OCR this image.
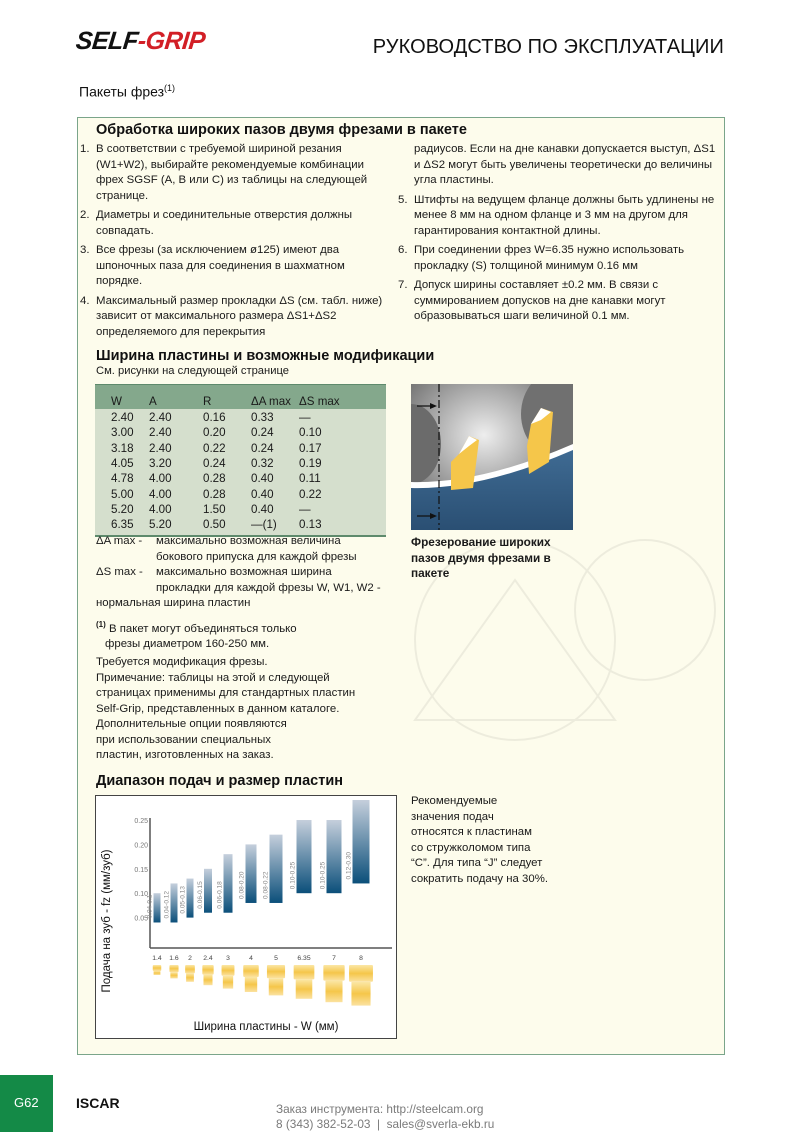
SELF-GRIP	РУКОВОДСТВО ПО ЭКСПЛУАТАЦИИ
Пакеты фрез$^{(1)}$
Обработка широких пазов двумя фрезами в пакете
1. В соответствии с требуемой шириной резания (W1+W2), выбирайте рекомендуемые комбинации фрех SGSF (A, B или C) из таблицы на следующей странице.
2. Диаметры и соединительные отверстия должны совпадать.
3. Все фрезы (за исключением ø125) имеют два шпоночных паза для соединения в шахматном порядке.
4. Максимальный размер прокладки ΔS (см. табл. ниже) зависит от максимального размера ΔS1+ΔS2 определяемого для перекрытия
радиусов. Если на дне канавки допускается выступ, ΔS1 и ΔS2 могут быть увеличены теоретически до величины угла пластины.
5. Штифты на ведущем фланце должны быть удлинены не менее 8 мм на одном фланце и 3 мм на другом для гарантирования контактной длины.
6. При соединении фрез W=6.35 нужно использовать прокладку (S) толщиной минимум 0.16 мм
7. Допуск ширины составляет ±0.2 мм. В связи с суммированием допусков на дне канавки могут образовываться шаги величиной 0.1 мм.
Ширина пластины и возможные модификации
См. рисунки на следующей странице
W	A	R	ΔA max ΔS max
2.40	2.40	0.16	0.33	—
3.00	2.40	0.20	0.24	0.10
3.18	2.40	0.22	0.24	0.17
4.05	3.20	0.24	0.32	0.19
4.78	4.00	0.28	0.40	0.11
5.00	4.00	0.28	0.40	0.22
5.20	4.00	1.50	0.40	—
6.35	5.20	0.50	—(1)	0.13
ΔA max -	максимально возможная величина
бокового припуска для каждой фрезы
ΔS max -	максимально возможная ширина
прокладки для каждой фрезы W, W1, W2 -
нормальная ширина пластин
$^{(1)}$ В пакет могут объединяться только
фрезы диаметром 160-250 мм.
Требуется модификация фрезы.
Примечание: таблицы на этой и следующей
страницах применимы для стандартных пластин
Self-Grip, представленных в данном каталоге.
Дополнительные опции появляются
при использовании специальных
пластин, изготовленных на заказ.
Фрезерование широких пазов двумя фрезами в пакете
Диапазон подач и размер пластин
0.05
0.10
0.15
0.20
0.25
0.04-0.1 0.04-0.12 0.05-0.13 0.06-0.15 0.06-0.18 0.08-0.20	0.08-0.22	0.10-0.25	0.10-0.25	0.12-0.30
1.4 1.6 2 2.4 3	4	5	6.35	7	8
Подача на зуб - fz (мм/зуб)
Ширина пластины - W (мм)
Рекомендуемые
значения подач
относятся к пластинам
со стружколомом типа
“C”. Для типа “J” следует
сократить подачу на 30%.
G62	ISCAR	Заказ инструмента: http://steelcam.org
8 (343) 382-52-03  |  sales@sverla-ekb.ru
